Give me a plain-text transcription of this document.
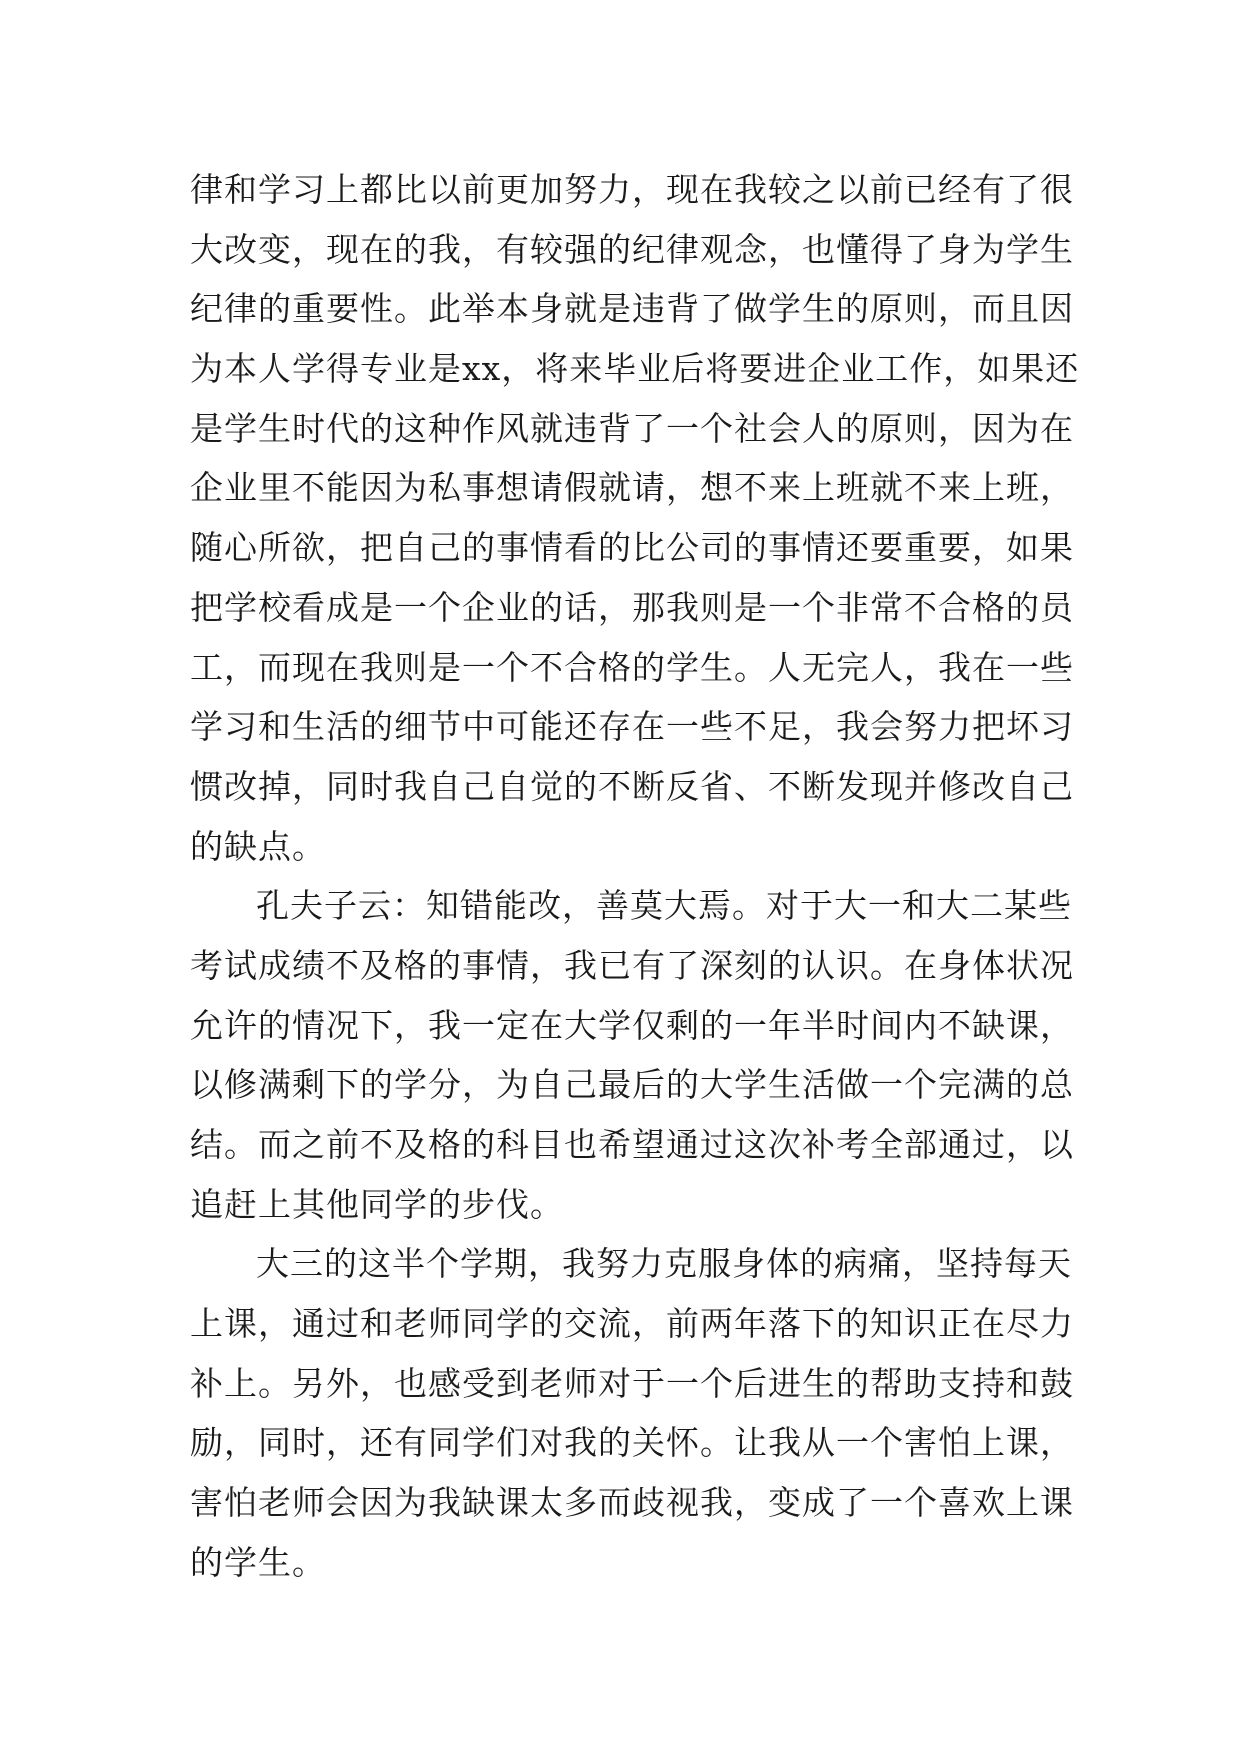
律和学习上都比以前更加努力，现在我较之以前已经有了很
大改变，现在的我，有较强的纪律观念，也懂得了身为学生
纪律的重要性。此举本身就是违背了做学生的原则，而且因
为本人学得专业是xx，将来毕业后将要进企业工作，如果还
是学生时代的这种作风就违背了一个社会人的原则，因为在
企业里不能因为私事想请假就请，想不来上班就不来上班，
随心所欲，把自己的事情看的比公司的事情还要重要，如果
把学校看成是一个企业的话，那我则是一个非常不合格的员
工，而现在我则是一个不合格的学生。人无完人，我在一些
学习和生活的细节中可能还存在一些不足，我会努力把坏习
惯改掉，同时我自己自觉的不断反省、不断发现并修改自己
的缺点。
孔夫子云：知错能改，善莫大焉。对于大一和大二某些
考试成绩不及格的事情，我已有了深刻的认识。在身体状况
允许的情况下，我一定在大学仅剩的一年半时间内不缺课，
以修满剩下的学分，为自己最后的大学生活做一个完满的总
结。而之前不及格的科目也希望通过这次补考全部通过，以
追赶上其他同学的步伐。
大三的这半个学期，我努力克服身体的病痛，坚持每天
上课，通过和老师同学的交流，前两年落下的知识正在尽力
补上。另外，也感受到老师对于一个后进生的帮助支持和鼓
励，同时，还有同学们对我的关怀。让我从一个害怕上课，
害怕老师会因为我缺课太多而歧视我，变成了一个喜欢上课
的学生。
